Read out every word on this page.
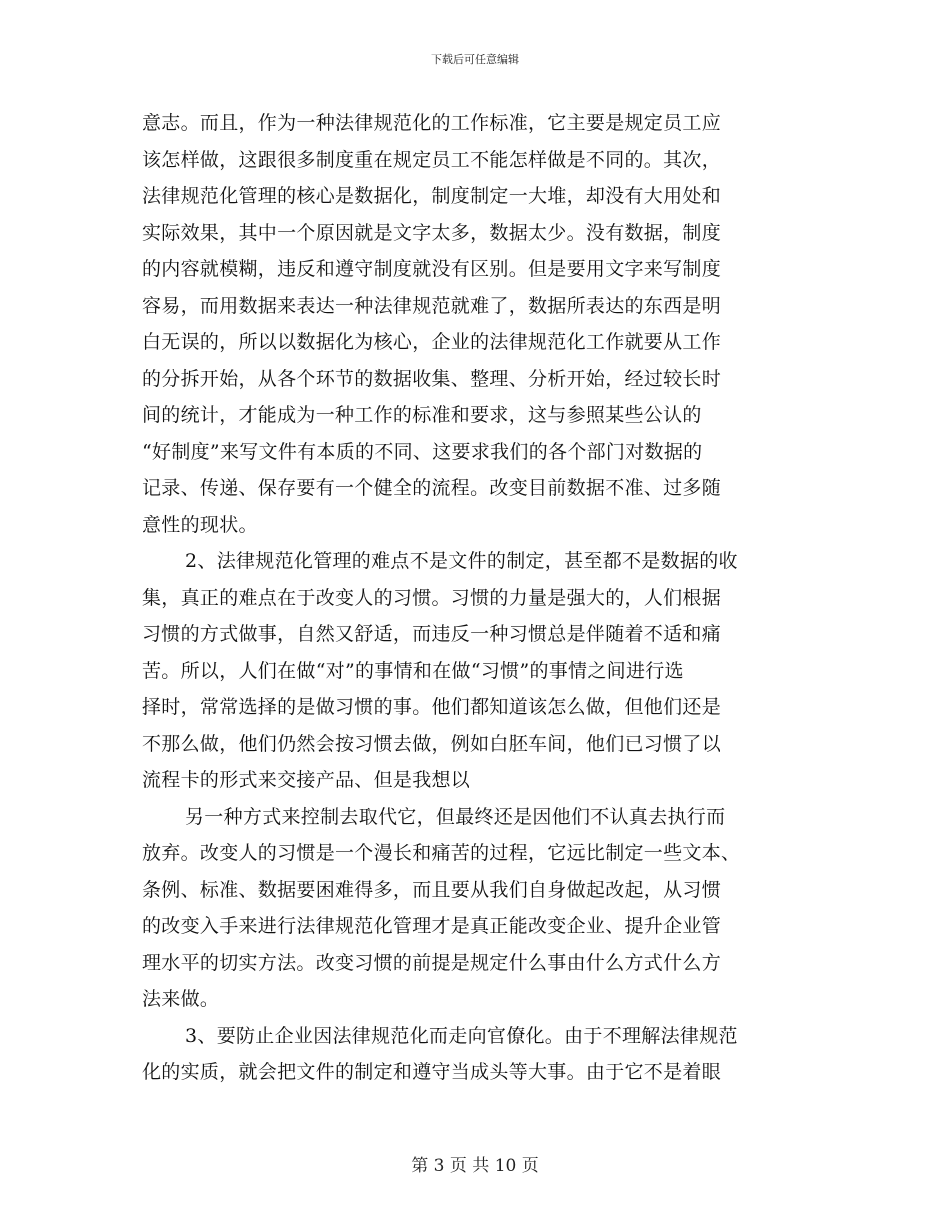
下载后可任意编辑
意志。而且，作为一种法律规范化的工作标准，它主要是规定员工应
该怎样做，这跟很多制度重在规定员工不能怎样做是不同的。其次，
法律规范化管理的核心是数据化，制度制定一大堆，却没有大用处和
实际效果，其中一个原因就是文字太多，数据太少。没有数据，制度
的内容就模糊，违反和遵守制度就没有区别。但是要用文字来写制度
容易，而用数据来表达一种法律规范就难了，数据所表达的东西是明
白无误的，所以以数据化为核心，企业的法律规范化工作就要从工作
的分拆开始，从各个环节的数据收集、整理、分析开始，经过较长时
间的统计，才能成为一种工作的标准和要求，这与参照某些公认的
“好制度”来写文件有本质的不同、这要求我们的各个部门对数据的
记录、传递、保存要有一个健全的流程。改变目前数据不准、过多随
意性的现状。
2、法律规范化管理的难点不是文件的制定，甚至都不是数据的收
集，真正的难点在于改变人的习惯。习惯的力量是强大的，人们根据
习惯的方式做事，自然又舒适，而违反一种习惯总是伴随着不适和痛
苦。所以，人们在做“对”的事情和在做“习惯”的事情之间进行选
择时，常常选择的是做习惯的事。他们都知道该怎么做，但他们还是
不那么做，他们仍然会按习惯去做，例如白胚车间，他们已习惯了以
流程卡的形式来交接产品、但是我想以
另一种方式来控制去取代它，但最终还是因他们不认真去执行而
放弃。改变人的习惯是一个漫长和痛苦的过程，它远比制定一些文本、
条例、标准、数据要困难得多，而且要从我们自身做起改起，从习惯
的改变入手来进行法律规范化管理才是真正能改变企业、提升企业管
理水平的切实方法。改变习惯的前提是规定什么事由什么方式什么方
法来做。
3、要防止企业因法律规范化而走向官僚化。由于不理解法律规范
化的实质，就会把文件的制定和遵守当成头等大事。由于它不是着眼
第 3 页 共 10 页
